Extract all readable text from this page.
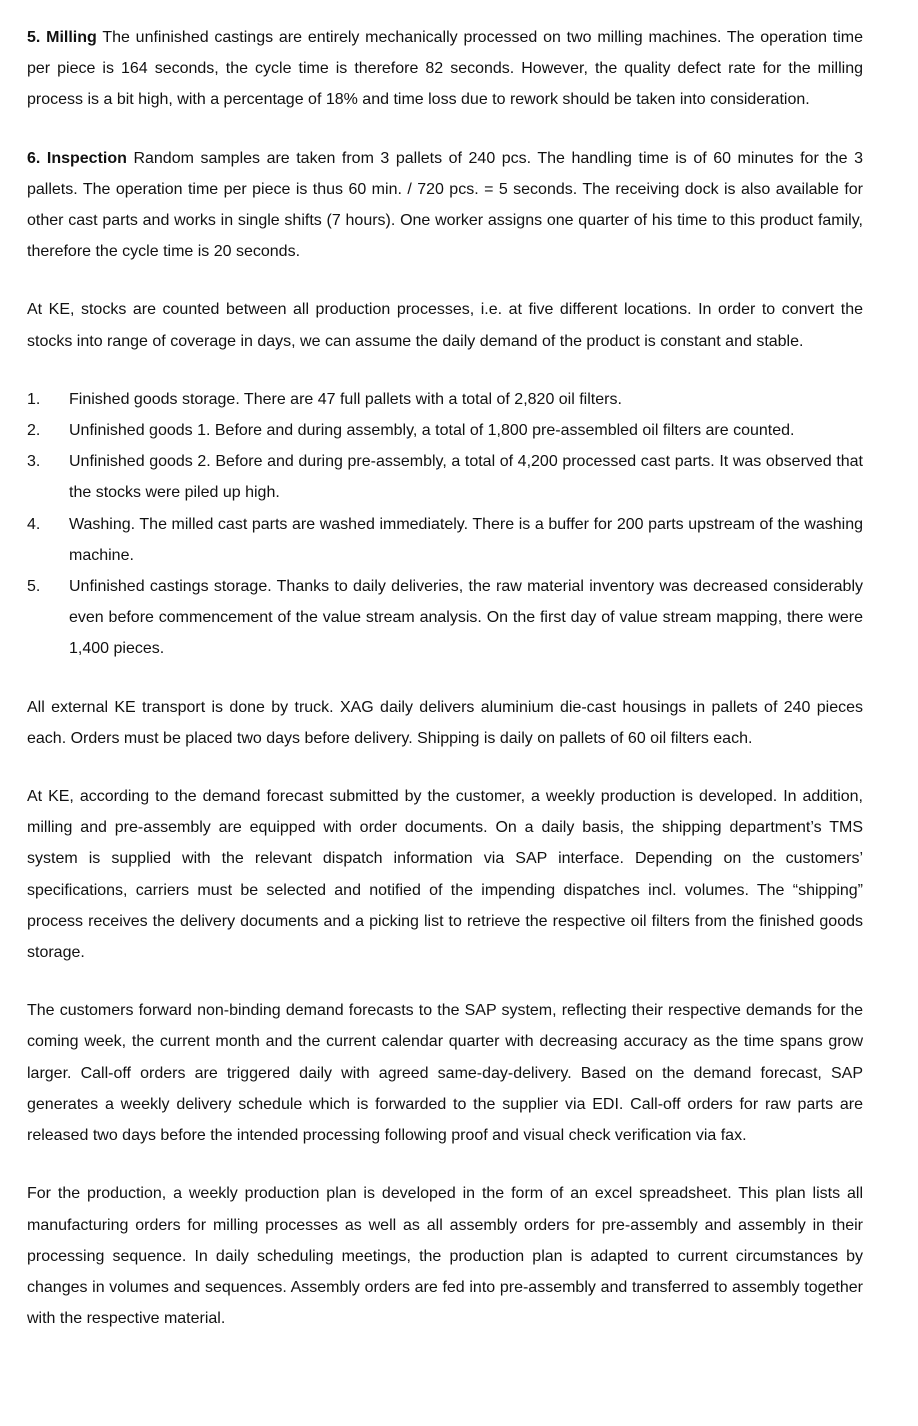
5. Milling The unfinished castings are entirely mechanically processed on two milling machines. The operation time per piece is 164 seconds, the cycle time is therefore 82 seconds. However, the quality defect rate for the milling process is a bit high, with a percentage of 18% and time loss due to rework should be taken into consideration.

6. Inspection Random samples are taken from 3 pallets of 240 pcs. The handling time is of 60 minutes for the 3 pallets. The operation time per piece is thus 60 min. / 720 pcs. = 5 seconds. The receiving dock is also available for other cast parts and works in single shifts (7 hours). One worker assigns one quarter of his time to this product family, therefore the cycle time is 20 seconds.

At KE, stocks are counted between all production processes, i.e. at five different locations. In order to convert the stocks into range of coverage in days, we can assume the daily demand of the product is constant and stable.

1.	Finished goods storage. There are 47 full pallets with a total of 2,820 oil filters.
2.	Unfinished goods 1. Before and during assembly, a total of 1,800 pre-assembled oil filters are counted.
3.	Unfinished goods 2. Before and during pre-assembly, a total of 4,200 processed cast parts. It was observed that the stocks were piled up high.
4.	Washing. The milled cast parts are washed immediately. There is a buffer for 200 parts upstream of the washing machine.
5.	Unfinished castings storage. Thanks to daily deliveries, the raw material inventory was decreased considerably even before commencement of the value stream analysis. On the first day of value stream mapping, there were 1,400 pieces.

All external KE transport is done by truck. XAG daily delivers aluminium die-cast housings in pallets of 240 pieces each. Orders must be placed two days before delivery. Shipping is daily on pallets of 60 oil filters each.

At KE, according to the demand forecast submitted by the customer, a weekly production is developed. In addition, milling and pre-assembly are equipped with order documents. On a daily basis, the shipping department’s TMS system is supplied with the relevant dispatch information via SAP interface. Depending on the customers’ specifications, carriers must be selected and notified of the impending dispatches incl. volumes. The “shipping” process receives the delivery documents and a picking list to retrieve the respective oil filters from the finished goods storage.

The customers forward non-binding demand forecasts to the SAP system, reflecting their respective demands for the coming week, the current month and the current calendar quarter with decreasing accuracy as the time spans grow larger. Call-off orders are triggered daily with agreed same-day-delivery. Based on the demand forecast, SAP generates a weekly delivery schedule which is forwarded to the supplier via EDI. Call-off orders for raw parts are released two days before the intended processing following proof and visual check verification via fax.

For the production, a weekly production plan is developed in the form of an excel spreadsheet. This plan lists all manufacturing orders for milling processes as well as all assembly orders for pre-assembly and assembly in their processing sequence. In daily scheduling meetings, the production plan is adapted to current circumstances by changes in volumes and sequences. Assembly orders are fed into pre-assembly and transferred to assembly together with the respective material.
